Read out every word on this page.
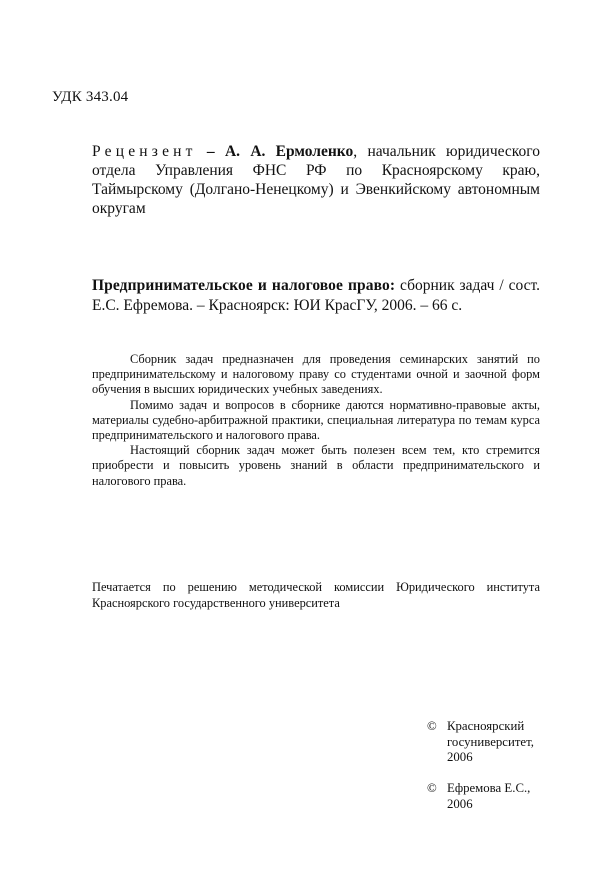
УДК 343.04
Рецензент – А. А. Ермоленко, начальник юридического отдела Управления ФНС РФ по Красноярскому краю, Таймырскому (Долгано-Ненецкому) и Эвенкийскому автономным округам
Предпринимательское и налоговое право: сборник задач / сост. Е.С. Ефремова. – Красноярск: ЮИ КрасГУ, 2006. – 66 с.

Сборник задач предназначен для проведения семинарских занятий по предпринимательскому и налоговому праву со студентами очной и заочной форм обучения в высших юридических учебных заведениях.

Помимо задач и вопросов в сборнике даются нормативно-правовые акты, материалы судебно-арбитражной практики, специальная литература по темам курса предпринимательского и налогового права.

Настоящий сборник задач может быть полезен всем тем, кто стремится приобрести и повысить уровень знаний в области предпринимательского и налогового права.

Печатается по решению методической комиссии Юридического института Красноярского государственного университета
© Красноярский
госуниверситет,
2006
© Ефремова Е.С.,
2006
